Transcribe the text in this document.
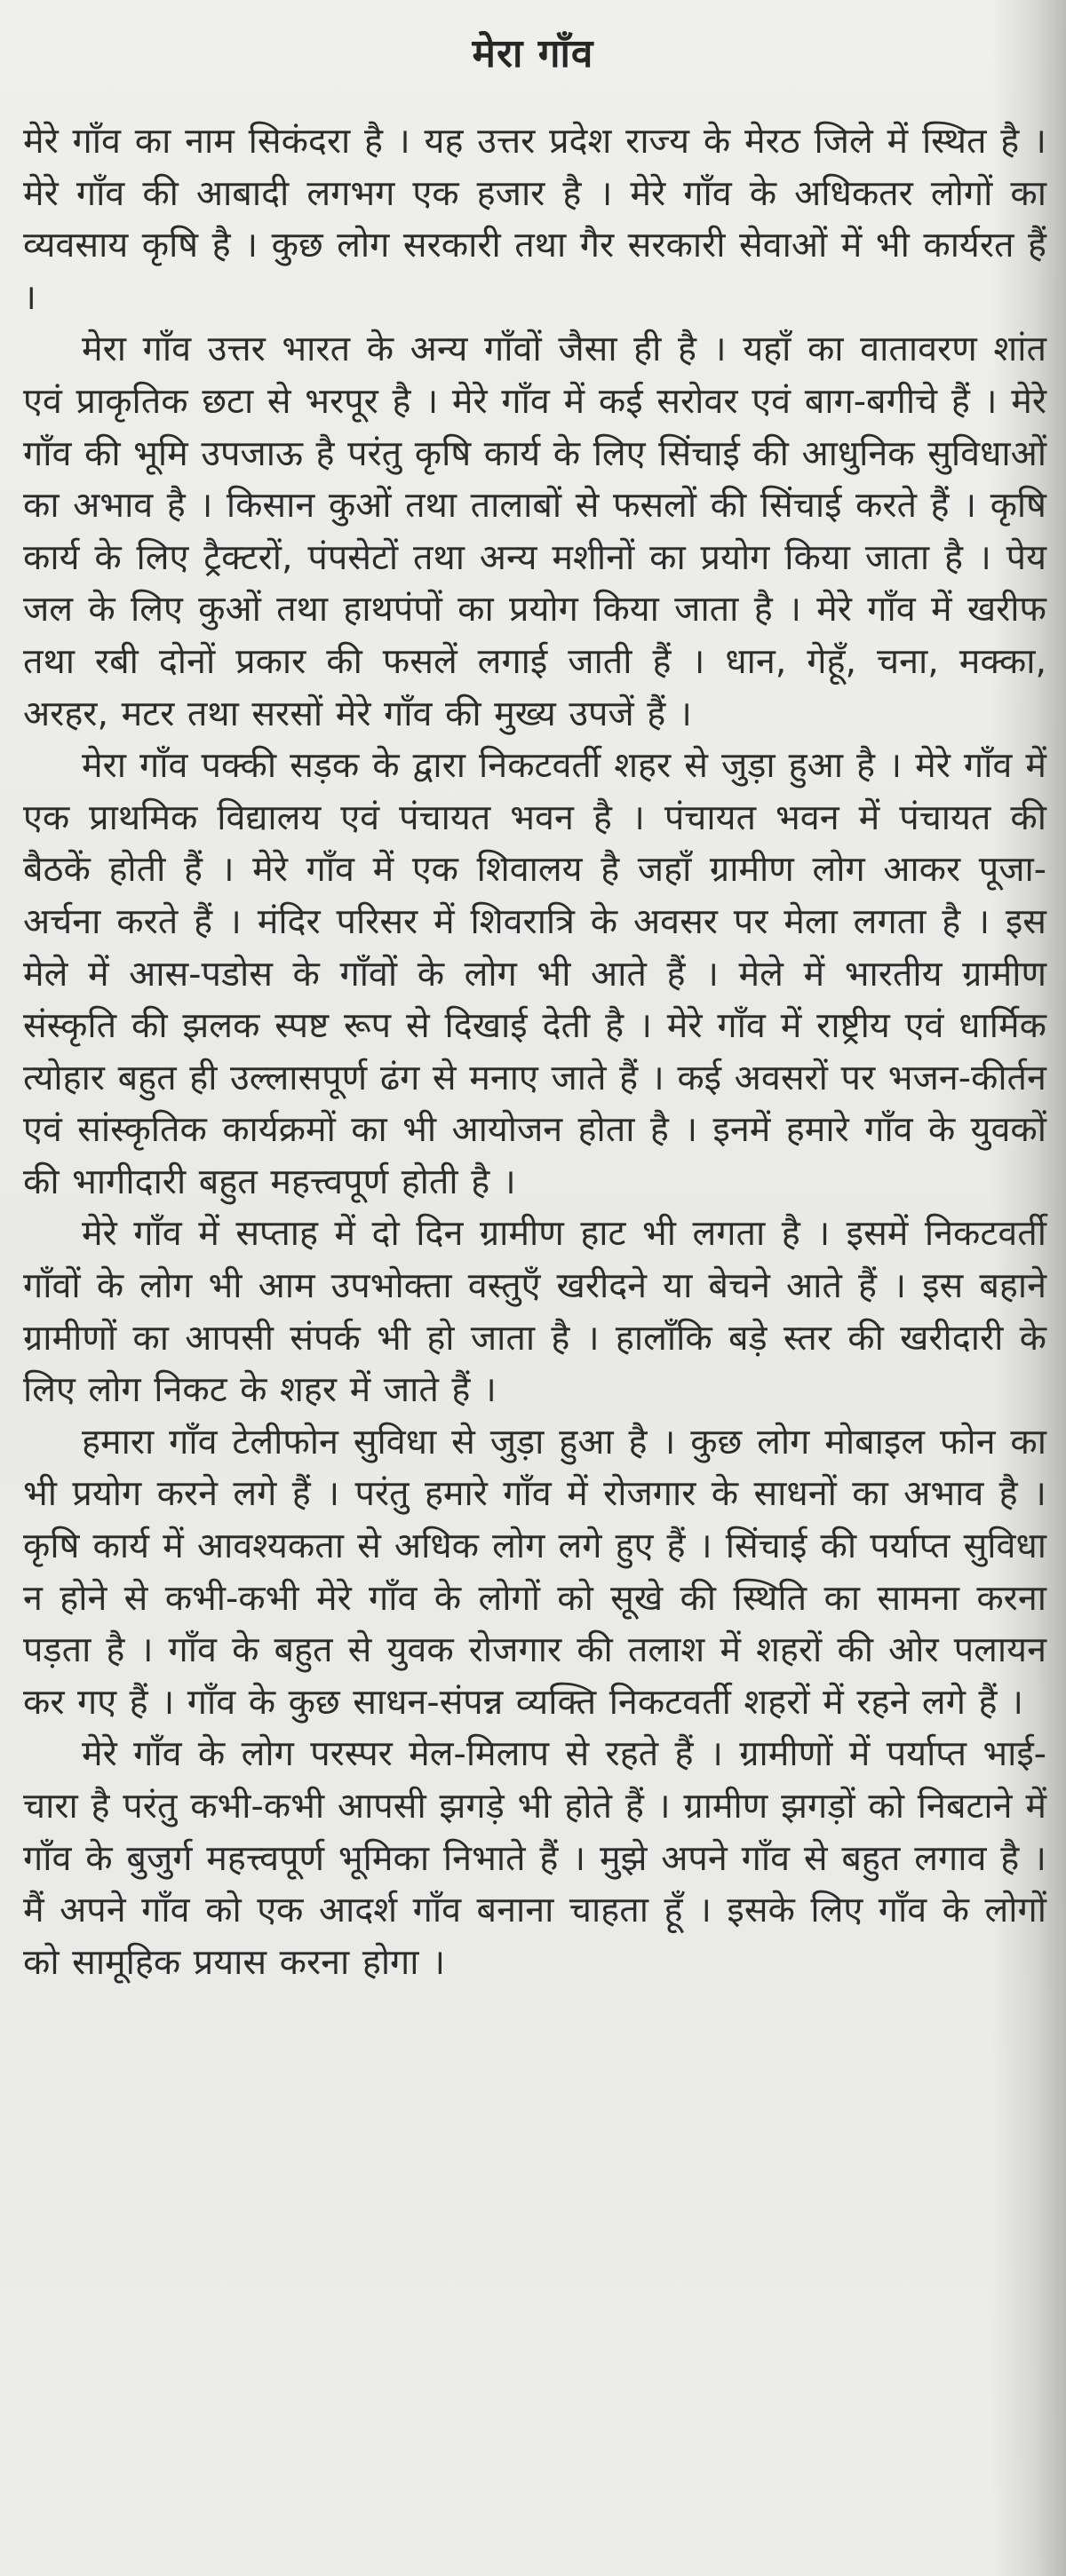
मेरा गाँव

मेरे गाँव का नाम सिकंदरा है । यह उत्तर प्रदेश राज्य के मेरठ जिले में स्थित है । मेरे गाँव की आबादी लगभग एक हजार है । मेरे गाँव के अधिकतर लोगों का व्यवसाय कृषि है । कुछ लोग सरकारी तथा गैर सरकारी सेवाओं में भी कार्यरत हैं ।

मेरा गाँव उत्तर भारत के अन्य गाँवों जैसा ही है । यहाँ का वातावरण शांत एवं प्राकृतिक छटा से भरपूर है । मेरे गाँव में कई सरोवर एवं बाग-बगीचे हैं । मेरे गाँव की भूमि उपजाऊ है परंतु कृषि कार्य के लिए सिंचाई की आधुनिक सुविधाओं का अभाव है । किसान कुओं तथा तालाबों से फसलों की सिंचाई करते हैं । कृषि कार्य के लिए ट्रैक्टरों, पंपसेटों तथा अन्य मशीनों का प्रयोग किया जाता है । पेय जल के लिए कुओं तथा हाथपंपों का प्रयोग किया जाता है । मेरे गाँव में खरीफ तथा रबी दोनों प्रकार की फसलें लगाई जाती हैं । धान, गेहूँ, चना, मक्का, अरहर, मटर तथा सरसों मेरे गाँव की मुख्य उपजें हैं ।

मेरा गाँव पक्की सड़क के द्वारा निकटवर्ती शहर से जुड़ा हुआ है । मेरे गाँव में एक प्राथमिक विद्यालय एवं पंचायत भवन है । पंचायत भवन में पंचायत की बैठकें होती हैं । मेरे गाँव में एक शिवालय है जहाँ ग्रामीण लोग आकर पूजा-अर्चना करते हैं । मंदिर परिसर में शिवरात्रि के अवसर पर मेला लगता है । इस मेले में आस-पडोस के गाँवों के लोग भी आते हैं । मेले में भारतीय ग्रामीण संस्कृति की झलक स्पष्ट रूप से दिखाई देती है । मेरे गाँव में राष्ट्रीय एवं धार्मिक त्योहार बहुत ही उल्लासपूर्ण ढंग से मनाए जाते हैं । कई अवसरों पर भजन-कीर्तन एवं सांस्कृतिक कार्यक्रमों का भी आयोजन होता है । इनमें हमारे गाँव के युवकों की भागीदारी बहुत महत्त्वपूर्ण होती है ।

मेरे गाँव में सप्ताह में दो दिन ग्रामीण हाट भी लगता है । इसमें निकटवर्ती गाँवों के लोग भी आम उपभोक्ता वस्तुएँ खरीदने या बेचने आते हैं । इस बहाने ग्रामीणों का आपसी संपर्क भी हो जाता है । हालाँकि बड़े स्तर की खरीदारी के लिए लोग निकट के शहर में जाते हैं ।

हमारा गाँव टेलीफोन सुविधा से जुड़ा हुआ है । कुछ लोग मोबाइल फोन का भी प्रयोग करने लगे हैं । परंतु हमारे गाँव में रोजगार के साधनों का अभाव है । कृषि कार्य में आवश्यकता से अधिक लोग लगे हुए हैं । सिंचाई की पर्याप्त सुविधा न होने से कभी-कभी मेरे गाँव के लोगों को सूखे की स्थिति का सामना करना पड़ता है । गाँव के बहुत से युवक रोजगार की तलाश में शहरों की ओर पलायन कर गए हैं । गाँव के कुछ साधन-संपन्न व्यक्ति निकटवर्ती शहरों में रहने लगे हैं ।

मेरे गाँव के लोग परस्पर मेल-मिलाप से रहते हैं । ग्रामीणों में पर्याप्त भाई-चारा है परंतु कभी-कभी आपसी झगड़े भी होते हैं । ग्रामीण झगड़ों को निबटाने में गाँव के बुजुर्ग महत्त्वपूर्ण भूमिका निभाते हैं । मुझे अपने गाँव से बहुत लगाव है । मैं अपने गाँव को एक आदर्श गाँव बनाना चाहता हूँ । इसके लिए गाँव के लोगों को सामूहिक प्रयास करना होगा ।
